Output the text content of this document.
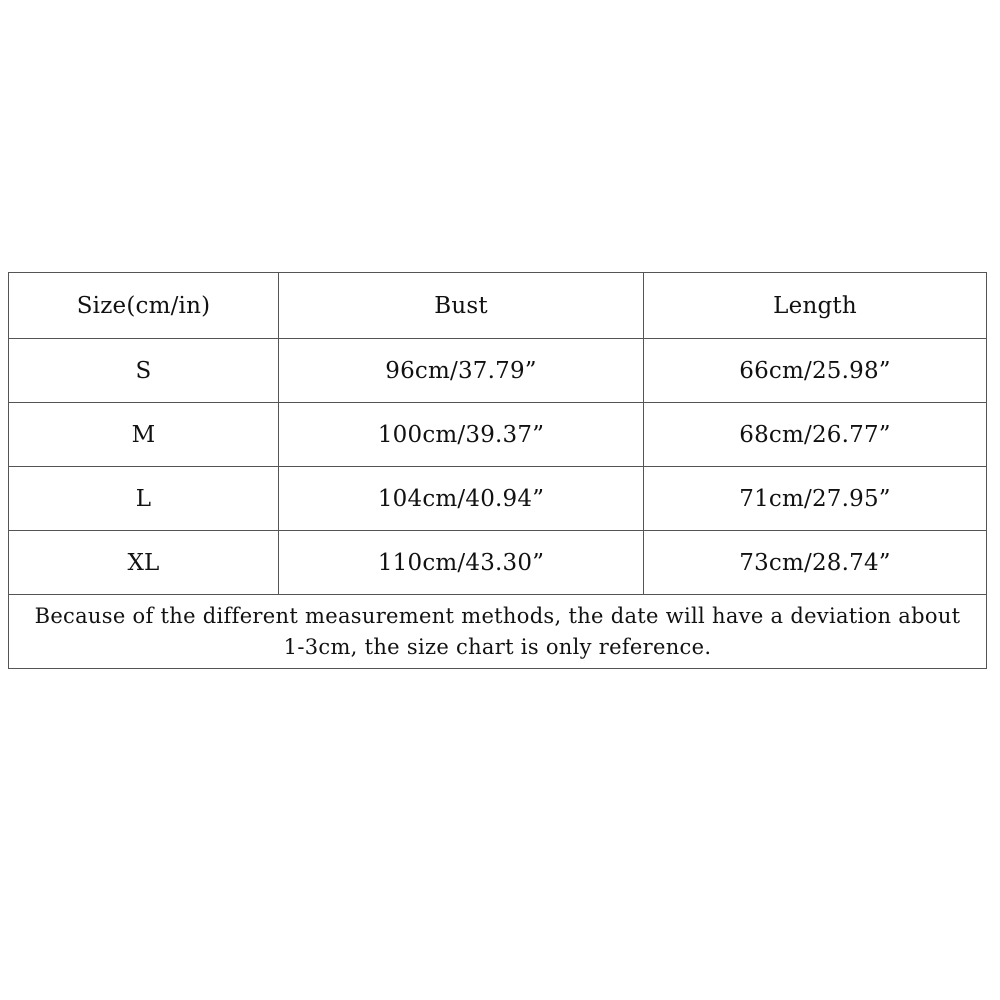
Size(cm/in)	Bust	Length
S	96cm/37.79”	66cm/25.98”
M	100cm/39.37”	68cm/26.77”
L	104cm/40.94”	71cm/27.95”
XL	110cm/43.30”	73cm/28.74”
Because of the different measurement methods, the date will have a deviation about
1-3cm, the size chart is only reference.		
